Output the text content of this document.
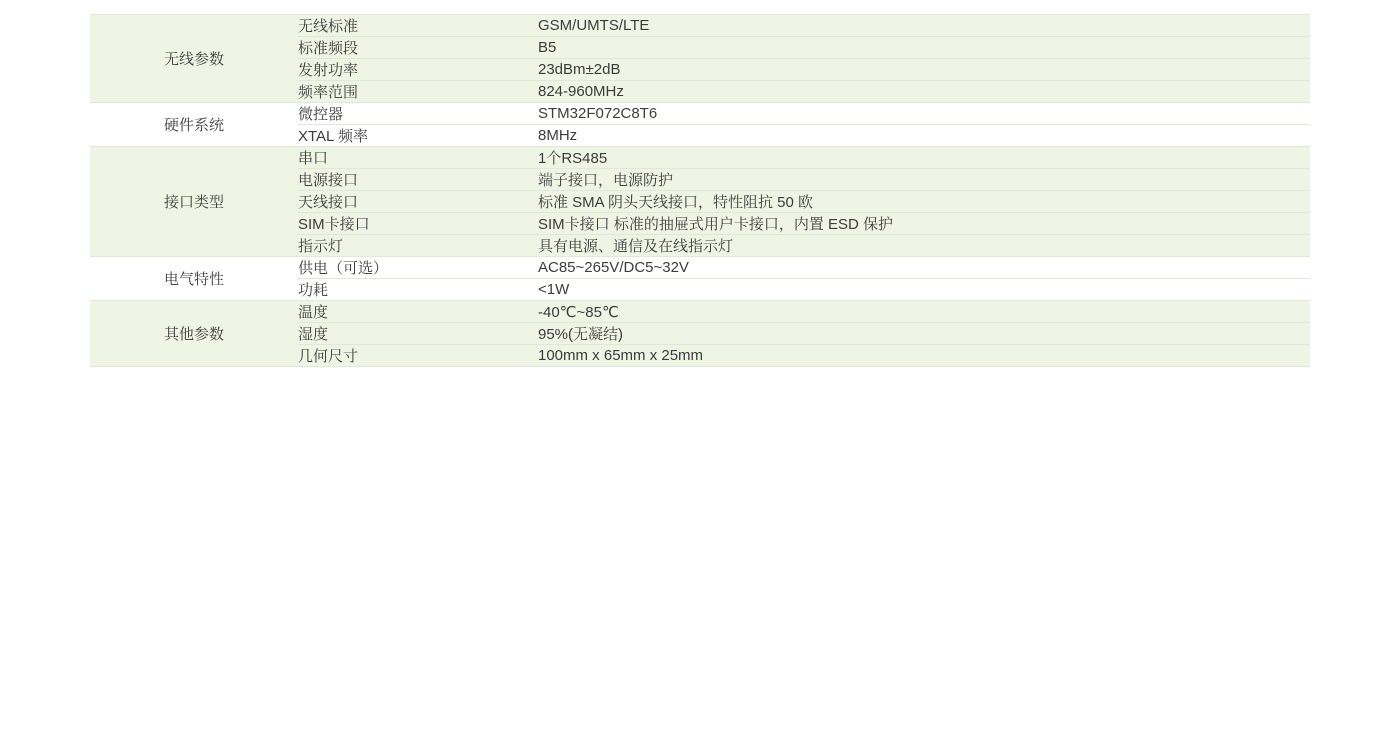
无线参数	无线标准	GSM/UMTS/LTE
	标准频段	B5
	发射功率	23dBm±2dB
	频率范围	824-960MHz
硬件系统	微控器	STM32F072C8T6
	XTAL 频率	8MHz
接口类型	串口	1个RS485
	电源接口	端子接口，电源防护
	天线接口	标准 SMA 阴头天线接口，特性阻抗 50 欧
	SIM卡接口	SIM卡接口 标准的抽屉式用户卡接口，内置 ESD 保护
	指示灯	具有电源、通信及在线指示灯
电气特性	供电（可选）	AC85~265V/DC5~32V
	功耗	<1W
其他参数	温度	-40℃~85℃
	湿度	95%(无凝结)
	几何尺寸	100mm x 65mm x 25mm
